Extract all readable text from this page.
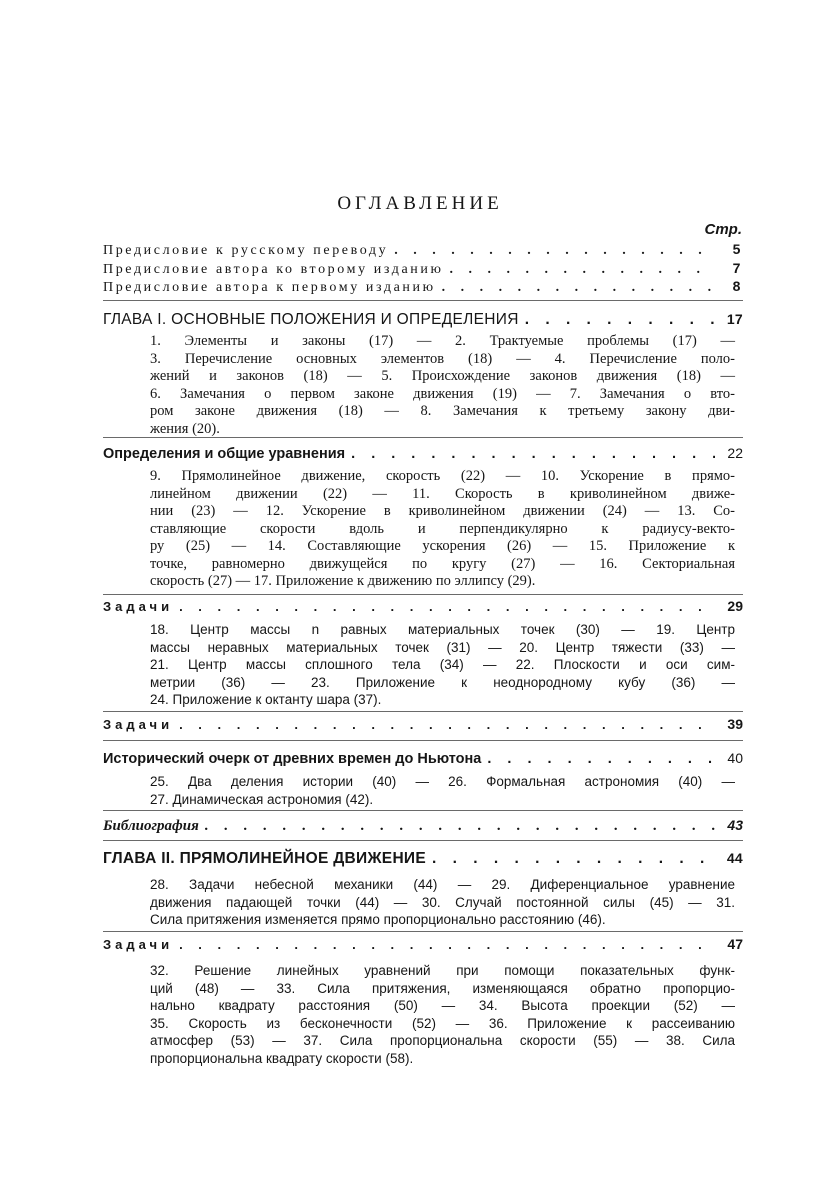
ОГЛАВЛЕНИЕ
Стр.
Предисловие к русскому переводу . . .	5
Предисловие автора ко второму изданию . . .	7
Предисловие автора к первому изданию . . .	8
ГЛАВА I. ОСНОВНЫЕ ПОЛОЖЕНИЯ И ОПРЕДЕЛЕНИЯ . . .	17
1. Элементы и законы (17) — 2. Трактуемые проблемы (17) —
3. Перечисление основных элементов (18) — 4. Перечисление поло-
жений и законов (18) — 5. Происхождение законов движения (18) —
6. Замечания о первом законе движения (19) — 7. Замечания о вто-
ром законе движения (18) — 8. Замечания к третьему закону дви-
жения (20).
Определения и общие уравнения . . .	22
9. Прямолинейное движение, скорость (22) — 10. Ускорение в прямо-
линейном движении (22) — 11. Скорость в криволинейном движе-
нии (23) — 12. Ускорение в криволинейном движении (24) — 13. Со-
ставляющие скорости вдоль и перпендикулярно к радиусу-векто-
ру (25) — 14. Составляющие ускорения (26) — 15. Приложение к
точке, равномерно движущейся по кругу (27) — 16. Секториальная
скорость (27) — 17. Приложение к движению по эллипсу (29).
Задачи . . .	29
18. Центр массы n равных материальных точек (30) — 19. Центр
массы неравных материальных точек (31) — 20. Центр тяжести (33) —
21. Центр массы сплошного тела (34) — 22. Плоскости и оси сим-
метрии (36) — 23. Приложение к неоднородному кубу (36) —
24. Приложение к октанту шара (37).
Задачи . . .	39
Исторический очерк от древних времен до Ньютона . . .	40
25. Два деления истории (40) — 26. Формальная астрономия (40) —
27. Динамическая астрономия (42).
Библиография . . .	43
ГЛАВА II. ПРЯМОЛИНЕЙНОЕ ДВИЖЕНИЕ . . .	44
28. Задачи небесной механики (44) — 29. Диференциальное уравнение
движения падающей точки (44) — 30. Случай постоянной силы (45) — 31.
Сила притяжения изменяется прямо пропорционально расстоянию (46).
Задачи . . .	47
32. Решение линейных уравнений при помощи показательных функ-
ций (48) — 33. Сила притяжения, изменяющаяся обратно пропорцио-
нально квадрату расстояния (50) — 34. Высота проекции (52) —
35. Скорость из бесконечности (52) — 36. Приложение к рассеиванию
атмосфер (53) — 37. Сила пропорциональна скорости (55) — 38. Сила
пропорциональна квадрату скорости (58).
